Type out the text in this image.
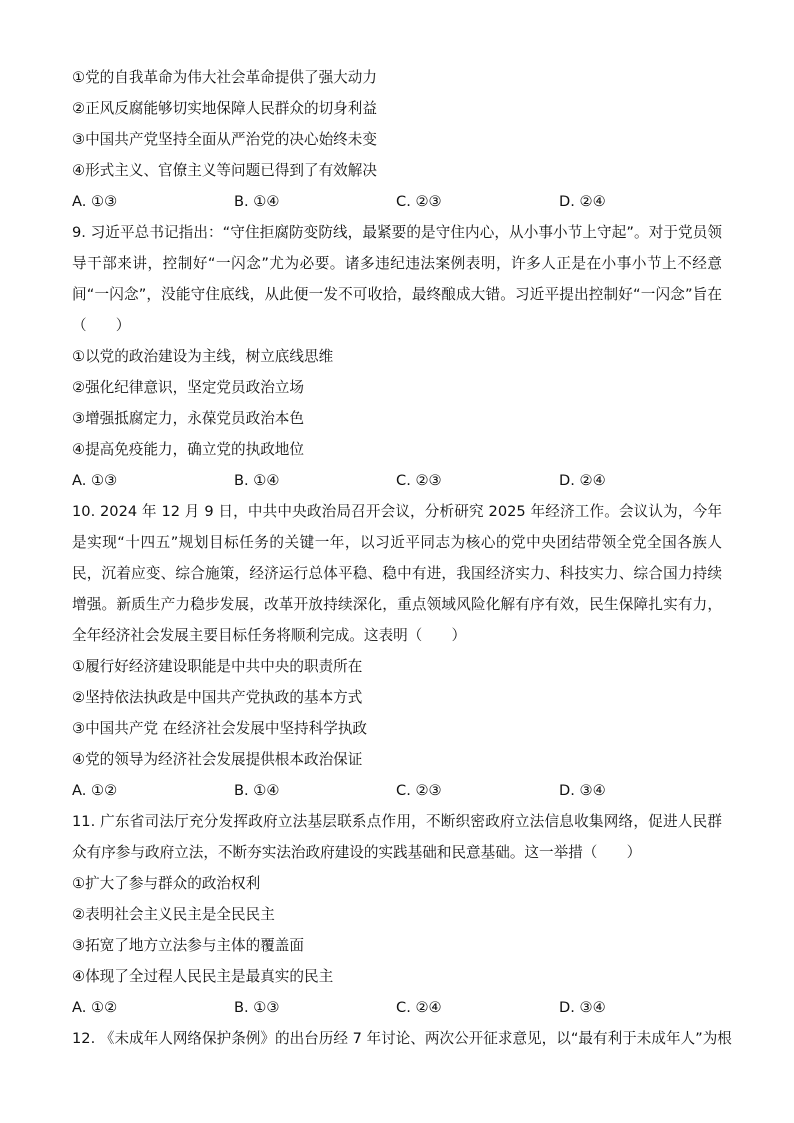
①党的自我革命为伟大社会革命提供了强大动力
②正风反腐能够切实地保障人民群众的切身利益
③中国共产党坚持全面从严治党的决心始终未变
④形式主义、官僚主义等问题已得到了有效解决
A. ①③	B. ①④	C. ②③	D. ②④
9. 习近平总书记指出：“守住拒腐防变防线，最紧要的是守住内心，从小事小节上守起”。对于党员领导干部来讲，控制好“一闪念”尤为必要。诸多违纪违法案例表明，许多人正是在小事小节上不经意间“一闪念”，没能守住底线，从此便一发不可收拾，最终酿成大错。习近平提出控制好“一闪念”旨在（　　）
①以党的政治建设为主线，树立底线思维
②强化纪律意识，坚定党员政治立场
③增强抵腐定力，永葆党员政治本色
④提高免疫能力，确立党的执政地位
A. ①③	B. ①④	C. ②③	D. ②④
10. 2024 年 12 月 9 日，中共中央政治局召开会议，分析研究 2025 年经济工作。会议认为，今年是实现“十四五”规划目标任务的关键一年，以习近平同志为核心的党中央团结带领全党全国各族人民，沉着应变、综合施策，经济运行总体平稳、稳中有进，我国经济实力、科技实力、综合国力持续增强。新质生产力稳步发展，改革开放持续深化，重点领域风险化解有序有效，民生保障扎实有力，全年经济社会发展主要目标任务将顺利完成。这表明（　　）
①履行好经济建设职能是中共中央的职责所在
②坚持依法执政是中国共产党执政的基本方式
③中国共产党 在经济社会发展中坚持科学执政
④党的领导为经济社会发展提供根本政治保证
A. ①②	B. ①④	C. ②③	D. ③④
11. 广东省司法厅充分发挥政府立法基层联系点作用，不断织密政府立法信息收集网络，促进人民群众有序参与政府立法，不断夯实法治政府建设的实践基础和民意基础。这一举措（　　）
①扩大了参与群众的政治权利
②表明社会主义民主是全民民主
③拓宽了地方立法参与主体的覆盖面
④体现了全过程人民民主是最真实的民主
A. ①②	B. ①③	C. ②④	D. ③④
12. 《未成年人网络保护条例》的出台历经 7 年讨论、两次公开征求意见，以“最有利于未成年人”为根
